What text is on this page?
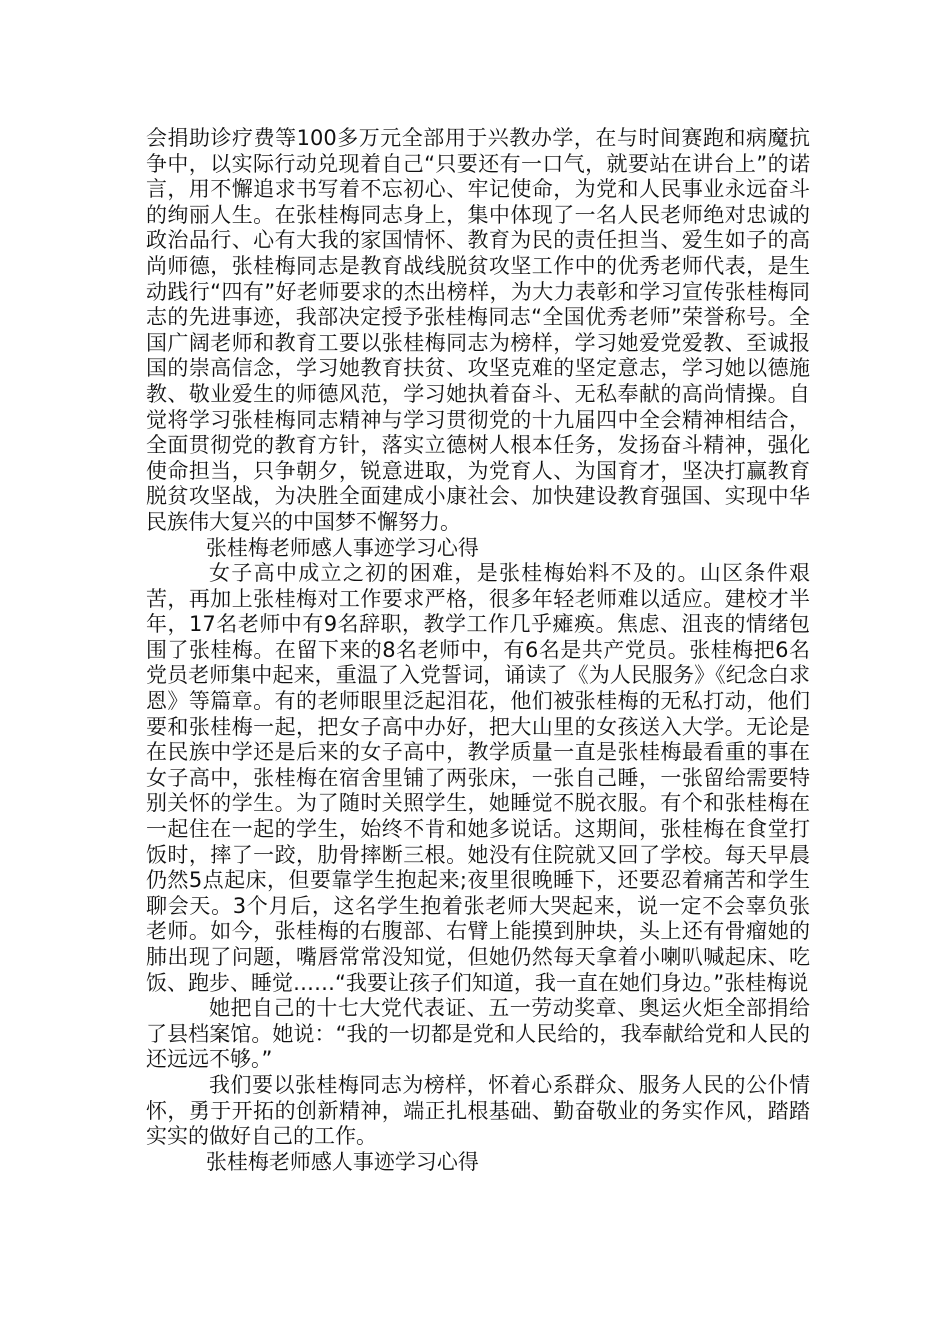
会捐助诊疗费等100多万元全部用于兴教办学，在与时间赛跑和病魔抗争中，以实际行动兑现着自己“只要还有一口气，就要站在讲台上”的诺言，用不懈追求书写着不忘初心、牢记使命，为党和人民事业永远奋斗的绚丽人生。在张桂梅同志身上，集中体现了一名人民老师绝对忠诚的政治品行、心有大我的家国情怀、教育为民的责任担当、爱生如子的高尚师德，张桂梅同志是教育战线脱贫攻坚工作中的优秀老师代表，是生动践行“四有”好老师要求的杰出榜样，为大力表彰和学习宣传张桂梅同志的先进事迹，我部决定授予张桂梅同志“全国优秀老师”荣誉称号。全国广阔老师和教育工要以张桂梅同志为榜样，学习她爱党爱教、至诚报国的崇高信念，学习她教育扶贫、攻坚克难的坚定意志，学习她以德施教、敬业爱生的师德风范，学习她执着奋斗、无私奉献的高尚情操。自觉将学习张桂梅同志精神与学习贯彻党的十九届四中全会精神相结合，全面贯彻党的教育方针，落实立德树人根本任务，发扬奋斗精神，强化使命担当，只争朝夕，锐意进取，为党育人、为国育才，坚决打赢教育脱贫攻坚战，为决胜全面建成小康社会、加快建设教育强国、实现中华民族伟大复兴的中国梦不懈努力。

张桂梅老师感人事迹学习心得

女子高中成立之初的困难，是张桂梅始料不及的。山区条件艰苦，再加上张桂梅对工作要求严格，很多年轻老师难以适应。建校才半年，17名老师中有9名辞职，教学工作几乎瘫痪。焦虑、沮丧的情绪包围了张桂梅。在留下来的8名老师中，有6名是共产党员。张桂梅把6名党员老师集中起来，重温了入党誓词，诵读了《为人民服务》《纪念白求恩》等篇章。有的老师眼里泛起泪花，他们被张桂梅的无私打动，他们要和张桂梅一起，把女子高中办好，把大山里的女孩送入大学。无论是在民族中学还是后来的女子高中，教学质量一直是张桂梅最看重的事在女子高中，张桂梅在宿舍里铺了两张床，一张自己睡，一张留给需要特别关怀的学生。为了随时关照学生，她睡觉不脱衣服。有个和张桂梅在一起住在一起的学生，始终不肯和她多说话。这期间，张桂梅在食堂打饭时，摔了一跤，肋骨摔断三根。她没有住院就又回了学校。每天早晨仍然5点起床，但要靠学生抱起来;夜里很晚睡下，还要忍着痛苦和学生聊会天。3个月后，这名学生抱着张老师大哭起来，说一定不会辜负张老师。如今，张桂梅的右腹部、右臂上能摸到肿块，头上还有骨瘤她的肺出现了问题，嘴唇常常没知觉，但她仍然每天拿着小喇叭喊起床、吃饭、跑步、睡觉……“我要让孩子们知道，我一直在她们身边。”张桂梅说

她把自己的十七大党代表证、五一劳动奖章、奥运火炬全部捐给了县档案馆。她说：“我的一切都是党和人民给的，我奉献给党和人民的还远远不够。”

我们要以张桂梅同志为榜样，怀着心系群众、服务人民的公仆情怀，勇于开拓的创新精神，端正扎根基础、勤奋敬业的务实作风，踏踏实实的做好自己的工作。

张桂梅老师感人事迹学习心得
